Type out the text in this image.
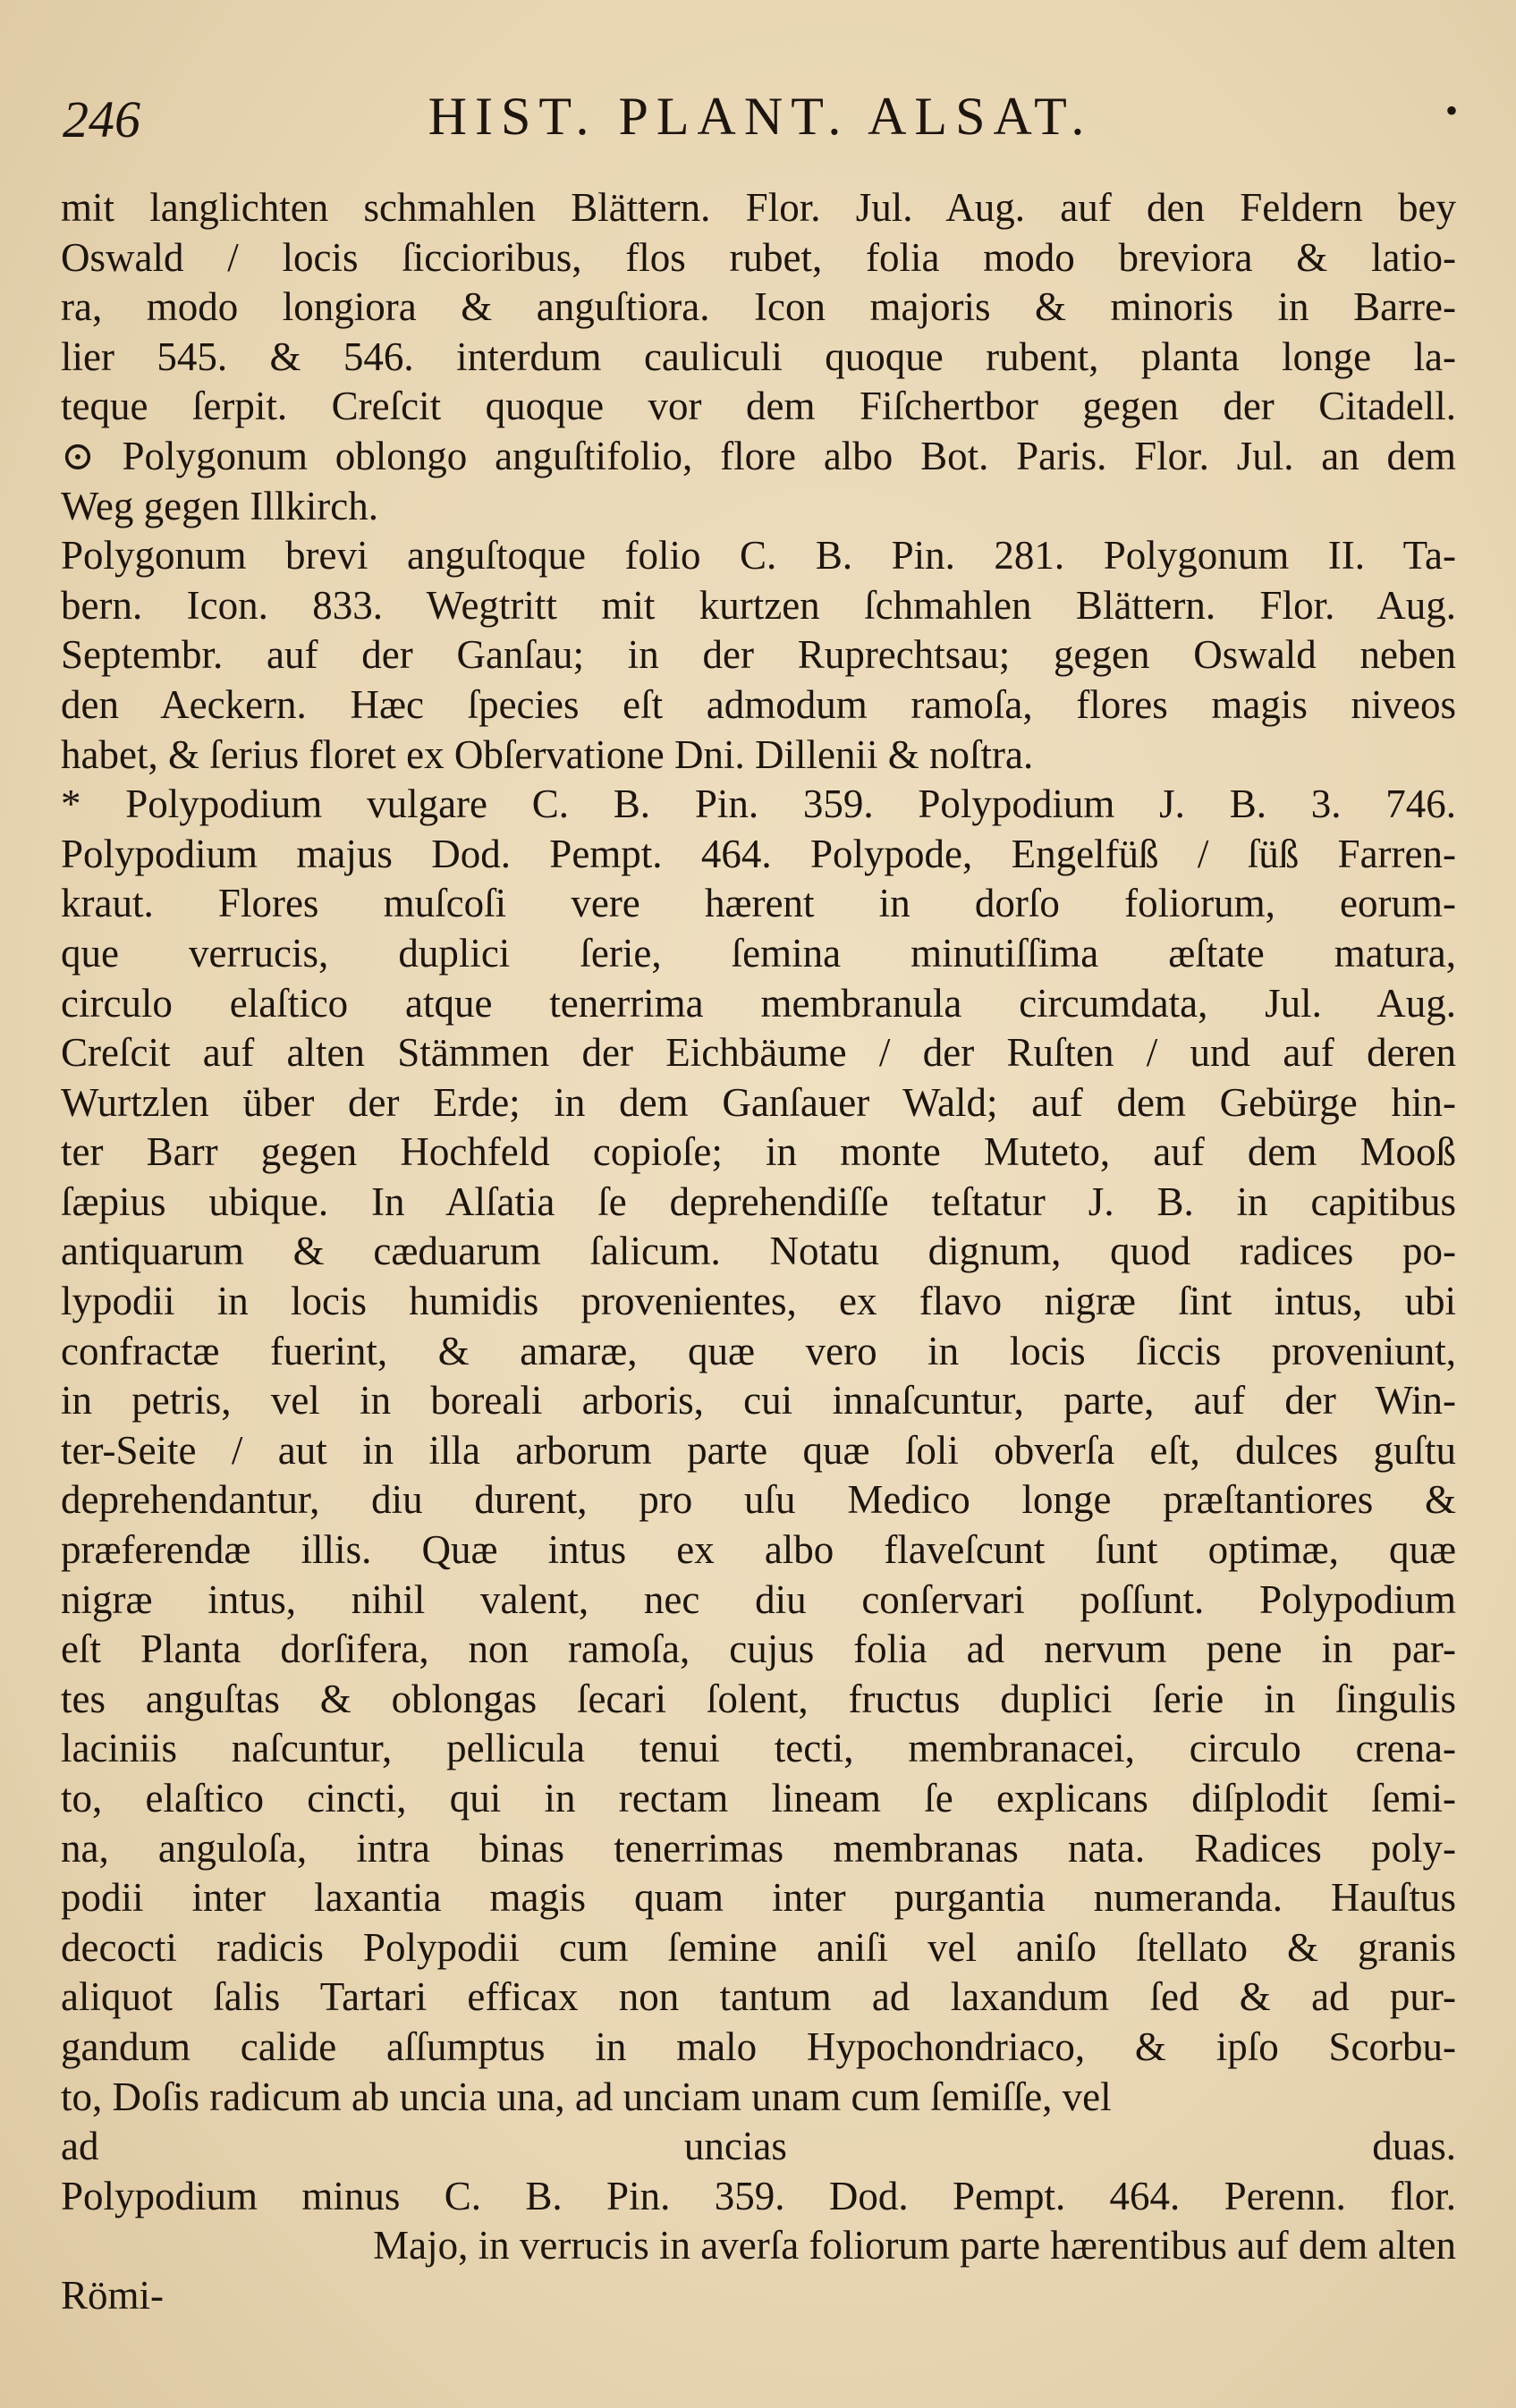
246	HIST. PLANT. ALSAT.	•
mit langlichten schmahlen Blättern. Flor. Jul. Aug. auf den Feldern bey
Oswald / locis ſiccioribus, flos rubet, folia modo breviora & latio-
ra, modo longiora & anguſtiora. Icon majoris & minoris in Barre-
lier 545. & 546. interdum cauliculi quoque rubent, planta longe la-
teque ſerpit. Creſcit quoque vor dem Fiſchertbor gegen der Citadell.
⊙ Polygonum oblongo anguſtifolio, flore albo Bot. Paris. Flor. Jul. an dem
Weg gegen Illkirch.
Polygonum brevi anguſtoque folio C. B. Pin. 281. Polygonum II. Ta-
bern. Icon. 833. Wegtritt mit kurtzen ſchmahlen Blättern. Flor. Aug.
Septembr. auf der Ganſau; in der Ruprechtsau; gegen Oswald neben
den Aeckern. Hæc ſpecies eſt admodum ramoſa, flores magis niveos
habet, & ſerius floret ex Obſervatione Dni. Dillenii & noſtra.
* Polypodium vulgare C. B. Pin. 359. Polypodium J. B. 3. 746.
Polypodium majus Dod. Pempt. 464. Polypode, Engelfüß / ſüß Farren-
kraut. Flores muſcoſi vere hærent in dorſo foliorum, eorum-
que verrucis, duplici ſerie, ſemina minutiſſima æſtate matura,
circulo elaſtico atque tenerrima membranula circumdata, Jul. Aug.
Creſcit auf alten Stämmen der Eichbäume / der Ruſten / und auf deren
Wurtzlen über der Erde; in dem Ganſauer Wald; auf dem Gebürge hin-
ter Barr gegen Hochfeld copioſe; in monte Muteto, auf dem Mooß
ſæpius ubique. In Alſatia ſe deprehendiſſe teſtatur J. B. in capitibus
antiquarum & cæduarum ſalicum. Notatu dignum, quod radices po-
lypodii in locis humidis provenientes, ex flavo nigræ ſint intus, ubi
confractæ fuerint, & amaræ, quæ vero in locis ſiccis proveniunt,
in petris, vel in boreali arboris, cui innaſcuntur, parte, auf der Win-
ter-Seite / aut in illa arborum parte quæ ſoli obverſa eſt, dulces guſtu
deprehendantur, diu durent, pro uſu Medico longe præſtantiores &
præferendæ illis. Quæ intus ex albo flaveſcunt ſunt optimæ, quæ
nigræ intus, nihil valent, nec diu conſervari poſſunt. Polypodium
eſt Planta dorſifera, non ramoſa, cujus folia ad nervum pene in par-
tes anguſtas & oblongas ſecari ſolent, fructus duplici ſerie in ſingulis
laciniis naſcuntur, pellicula tenui tecti, membranacei, circulo crena-
to, elaſtico cincti, qui in rectam lineam ſe explicans diſplodit ſemi-
na, anguloſa, intra binas tenerrimas membranas nata. Radices poly-
podii inter laxantia magis quam inter purgantia numeranda. Hauſtus
decocti radicis Polypodii cum ſemine aniſi vel aniſo ſtellato & granis
aliquot ſalis Tartari efficax non tantum ad laxandum ſed & ad pur-
gandum calide aſſumptus in malo Hypochondriaco, & ipſo Scorbu-
to, Doſis radicum ab uncia una, ad unciam unam cum ſemiſſe, vel
ad uncias duas.
Polypodium minus C. B. Pin. 359. Dod. Pempt. 464. Perenn. flor.
Majo, in verrucis in averſa foliorum parte hærentibus auf dem alten
Römi-
